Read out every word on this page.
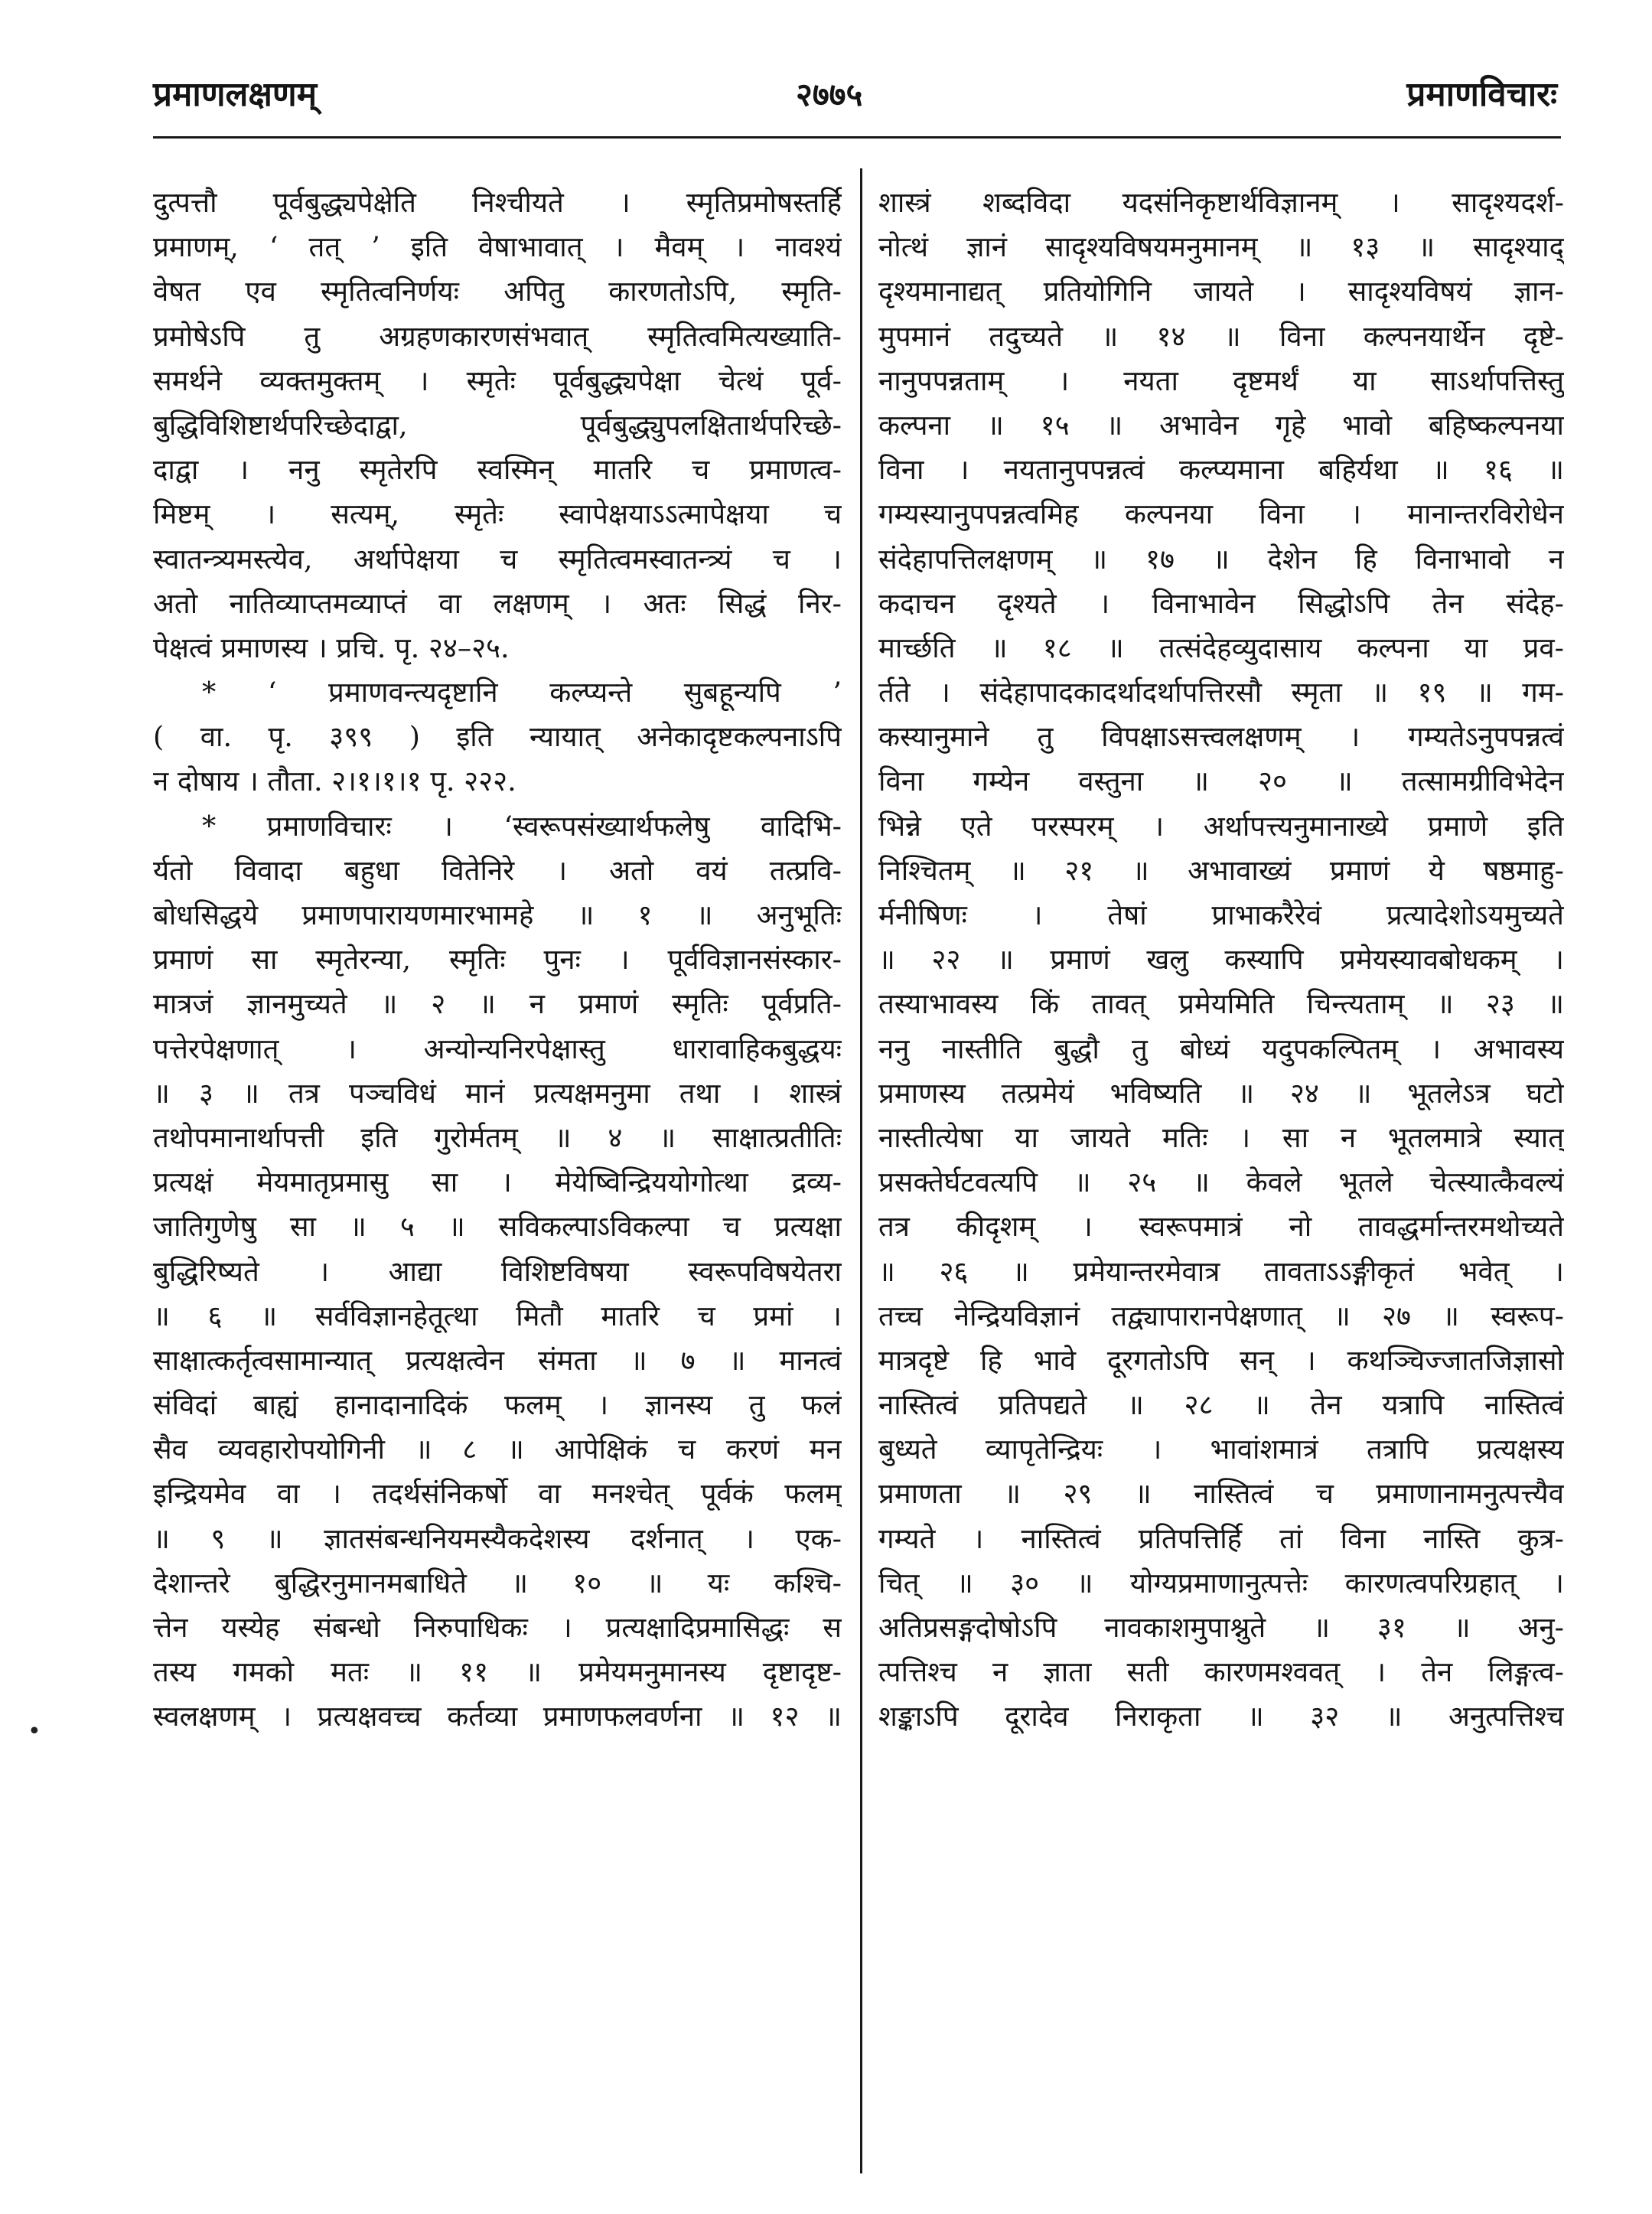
प्रमाणलक्षणम्	२७७५	प्रमाणविचारः
दुत्पत्तौ पूर्वबुद्ध्यपेक्षेति निश्चीयते । स्मृतिप्रमोषस्तर्हि
प्रमाणम्, ‘ तत् ’ इति वेषाभावात् । मैवम् । नावश्यं
वेषत एव स्मृतित्वनिर्णयः अपितु कारणतोऽपि, स्मृति-
प्रमोषेऽपि तु अग्रहणकारणसंभवात् स्मृतित्वमित्यख्याति-
समर्थने व्यक्तमुक्तम् । स्मृतेः पूर्वबुद्ध्यपेक्षा चेत्थं पूर्व-
बुद्धिविशिष्टार्थपरिच्छेदाद्वा, पूर्वबुद्ध्युपलक्षितार्थपरिच्छे-
दाद्वा । ननु स्मृतेरपि स्वस्मिन् मातरि च प्रमाणत्व-
मिष्टम् । सत्यम्, स्मृतेः स्वापेक्षयाऽऽत्मापेक्षया च
स्वातन्त्र्यमस्त्येव, अर्थापेक्षया च स्मृतित्वमस्वातन्त्र्यं च ।
अतो नातिव्याप्तमव्याप्तं वा लक्षणम् । अतः सिद्धं निर-
पेक्षत्वं प्रमाणस्य । प्रचि. पृ. २४–२५.
* ‘ प्रमाणवन्त्यदृष्टानि कल्प्यन्ते सुबहून्यपि ’
( वा. पृ. ३९९ ) इति न्यायात् अनेकादृष्टकल्पनाऽपि
न दोषाय । तौता. २।१।१।१ पृ. २२२.
* प्रमाणविचारः । ‘स्वरूपसंख्यार्थफलेषु वादिभि-
र्यतो विवादा बहुधा वितेनिरे । अतो वयं तत्प्रवि-
बोधसिद्धये प्रमाणपारायणमारभामहे ॥ १ ॥ अनुभूतिः
प्रमाणं सा स्मृतेरन्या, स्मृतिः पुनः । पूर्वविज्ञानसंस्कार-
मात्रजं ज्ञानमुच्यते ॥ २ ॥ न प्रमाणं स्मृतिः पूर्वप्रति-
पत्तेरपेक्षणात् । अन्योन्यनिरपेक्षास्तु धारावाहिकबुद्धयः
॥ ३ ॥ तत्र पञ्चविधं मानं प्रत्यक्षमनुमा तथा । शास्त्रं
तथोपमानार्थापत्ती इति गुरोर्मतम् ॥ ४ ॥ साक्षात्प्रतीतिः
प्रत्यक्षं मेयमातृप्रमासु सा । मेयेष्विन्द्रिययोगोत्था द्रव्य-
जातिगुणेषु सा ॥ ५ ॥ सविकल्पाऽविकल्पा च प्रत्यक्षा
बुद्धिरिष्यते । आद्या विशिष्टविषया स्वरूपविषयेतरा
॥ ६ ॥ सर्वविज्ञानहेतूत्था मितौ मातरि च प्रमां ।
साक्षात्कर्तृत्वसामान्यात् प्रत्यक्षत्वेन संमता ॥ ७ ॥ मानत्वं
संविदां बाह्यं हानादानादिकं फलम् । ज्ञानस्य तु फलं
सैव व्यवहारोपयोगिनी ॥ ८ ॥ आपेक्षिकं च करणं मन
इन्द्रियमेव वा । तदर्थसंनिकर्षो वा मनश्चेत् पूर्वकं फलम्
॥ ९ ॥ ज्ञातसंबन्धनियमस्यैकदेशस्य दर्शनात् । एक-
देशान्तरे बुद्धिरनुमानमबाधिते ॥ १० ॥ यः कश्चि-
त्तेन यस्येह संबन्धो निरुपाधिकः । प्रत्यक्षादिप्रमासिद्धः स
तस्य गमको मतः ॥ ११ ॥ प्रमेयमनुमानस्य दृष्टादृष्ट-
स्वलक्षणम् । प्रत्यक्षवच्च कर्तव्या प्रमाणफलवर्णना ॥ १२ ॥
शास्त्रं शब्दविदा यदसंनिकृष्टार्थविज्ञानम् । सादृश्यदर्श-
नोत्थं ज्ञानं सादृश्यविषयमनुमानम् ॥ १३ ॥ सादृश्याद्
दृश्यमानाद्यत् प्रतियोगिनि जायते । सादृश्यविषयं ज्ञान-
मुपमानं तदुच्यते ॥ १४ ॥ विना कल्पनयार्थेन दृष्टे-
नानुपपन्नताम् । नयता दृष्टमर्थं या साऽर्थापत्तिस्तु
कल्पना ॥ १५ ॥ अभावेन गृहे भावो बहिष्कल्पनया
विना । नयतानुपपन्नत्वं कल्प्यमाना बहिर्यथा ॥ १६ ॥
गम्यस्यानुपपन्नत्वमिह कल्पनया विना । मानान्तरविरोधेन
संदेहापत्तिलक्षणम् ॥ १७ ॥ देशेन हि विनाभावो न
कदाचन दृश्यते । विनाभावेन सिद्धोऽपि तेन संदेह-
मार्च्छति ॥ १८ ॥ तत्संदेहव्युदासाय कल्पना या प्रव-
र्तते । संदेहापादकादर्थादर्थापत्तिरसौ स्मृता ॥ १९ ॥ गम-
कस्यानुमाने तु विपक्षाऽसत्त्वलक्षणम् । गम्यतेऽनुपपन्नत्वं
विना गम्येन वस्तुना ॥ २० ॥ तत्सामग्रीविभेदेन
भिन्ने एते परस्परम् । अर्थापत्त्यनुमानाख्ये प्रमाणे इति
निश्चितम् ॥ २१ ॥ अभावाख्यं प्रमाणं ये षष्ठमाहु-
र्मनीषिणः । तेषां प्राभाकरैरेवं प्रत्यादेशोऽयमुच्यते
॥ २२ ॥ प्रमाणं खलु कस्यापि प्रमेयस्यावबोधकम् ।
तस्याभावस्य किं तावत् प्रमेयमिति चिन्त्यताम् ॥ २३ ॥
ननु नास्तीति बुद्धौ तु बोध्यं यदुपकल्पितम् । अभावस्य
प्रमाणस्य तत्प्रमेयं भविष्यति ॥ २४ ॥ भूतलेऽत्र घटो
नास्तीत्येषा या जायते मतिः । सा न भूतलमात्रे स्यात्
प्रसक्तेर्घटवत्यपि ॥ २५ ॥ केवले भूतले चेत्स्यात्कैवल्यं
तत्र कीदृशम् । स्वरूपमात्रं नो तावद्धर्मान्तरमथोच्यते
॥ २६ ॥ प्रमेयान्तरमेवात्र तावताऽऽङ्गीकृतं भवेत् ।
तच्च नेन्द्रियविज्ञानं तद्व्यापारानपेक्षणात् ॥ २७ ॥ स्वरूप-
मात्रदृष्टे हि भावे दूरगतोऽपि सन् । कथञ्चिज्जातजिज्ञासो
नास्तित्वं प्रतिपद्यते ॥ २८ ॥ तेन यत्रापि नास्तित्वं
बुध्यते व्यापृतेन्द्रियः । भावांशमात्रं तत्रापि प्रत्यक्षस्य
प्रमाणता ॥ २९ ॥ नास्तित्वं च प्रमाणानामनुत्पत्त्यैव
गम्यते । नास्तित्वं प्रतिपत्तिर्हि तां विना नास्ति कुत्र-
चित् ॥ ३० ॥ योग्यप्रमाणानुत्पत्तेः कारणत्वपरिग्रहात् ।
अतिप्रसङ्गदोषोऽपि नावकाशमुपाश्नुते ॥ ३१ ॥ अनु-
त्पत्तिश्च न ज्ञाता सती कारणमश्ववत् । तेन लिङ्गत्व-
शङ्काऽपि दूरादेव निराकृता ॥ ३२ ॥ अनुत्पत्तिश्च
•
